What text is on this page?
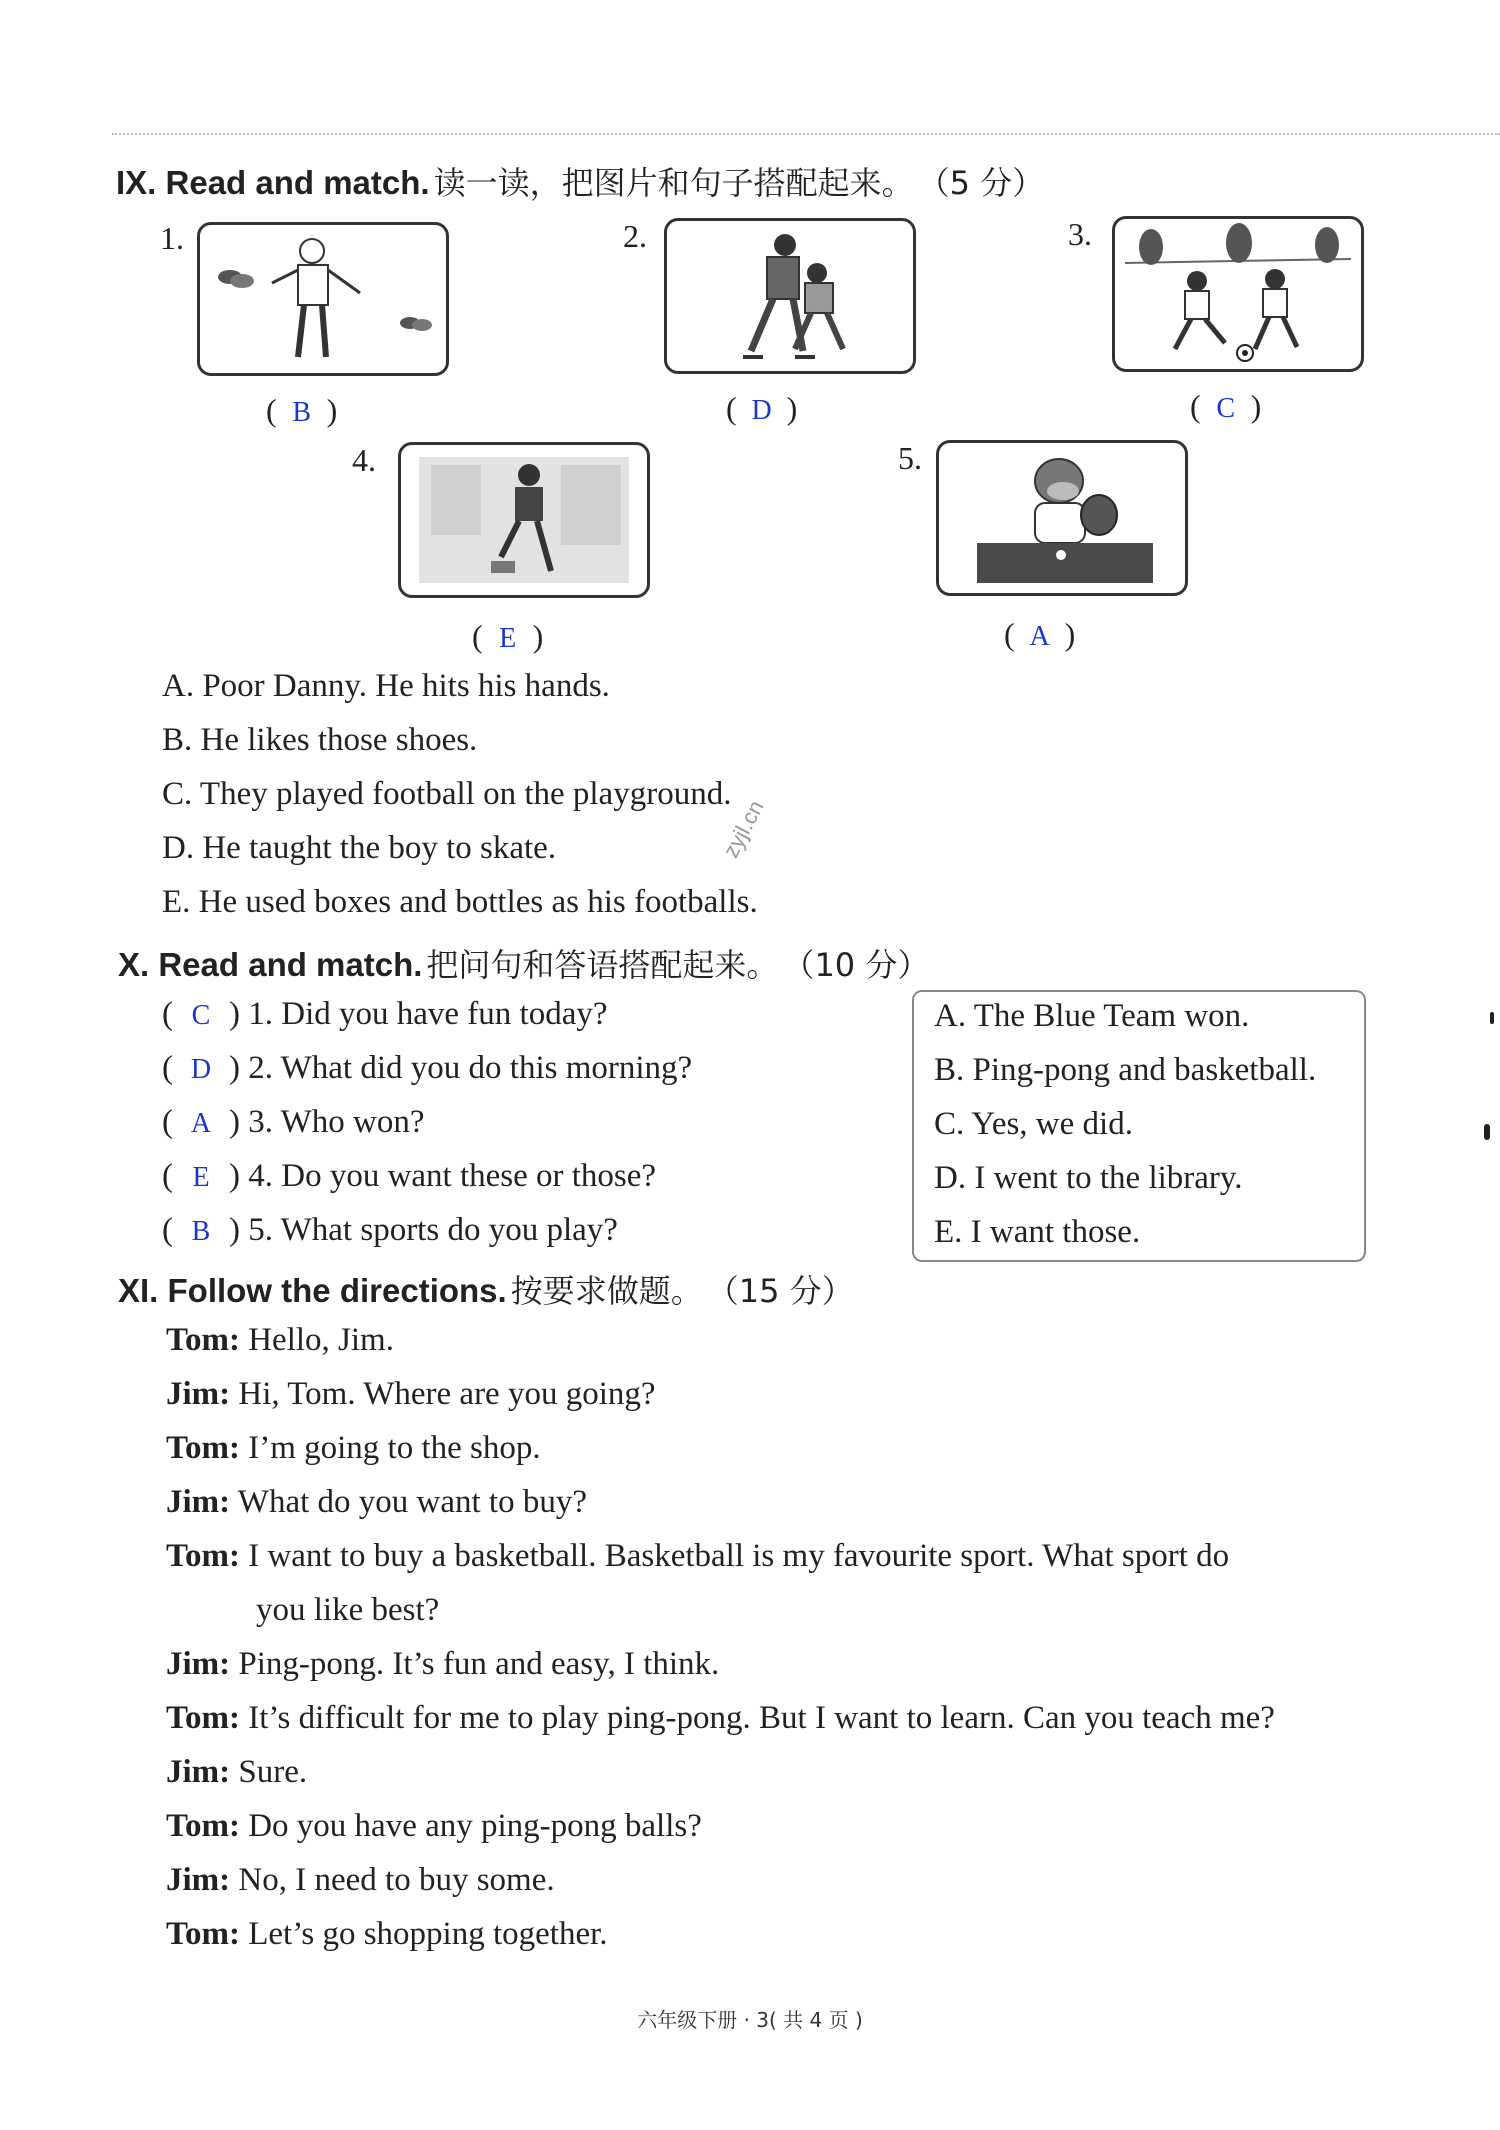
IX. Read and match. 读一读，把图片和句子搭配起来。 （5 分）
1.
( B )
2.
( D )
3.
( C )
4.
( E )
5.
( A )
A. Poor Danny. He hits his hands.
B. He likes those shoes.
C. They played football on the playground.
D. He taught the boy to skate.
E. He used boxes and bottles as his footballs.
zyjl.cn
X. Read and match. 把问句和答语搭配起来。 （10 分）
( C ) 1. Did you have fun today?
( D ) 2. What did you do this morning?
( A ) 3. Who won?
( E ) 4. Do you want these or those?
( B ) 5. What sports do you play?
A. The Blue Team won.
B. Ping-pong and basketball.
C. Yes, we did.
D. I went to the library.
E. I want those.
XI. Follow the directions. 按要求做题。 （15 分）
Tom: Hello, Jim.
Jim: Hi, Tom. Where are you going?
Tom: I’m going to the shop.
Jim: What do you want to buy?
Tom: I want to buy a basketball. Basketball is my favourite sport. What sport do
you like best?
Jim: Ping-pong. It’s fun and easy, I think.
Tom: It’s difficult for me to play ping-pong. But I want to learn. Can you teach me?
Jim: Sure.
Tom: Do you have any ping-pong balls?
Jim: No, I need to buy some.
Tom: Let’s go shopping together.
六年级下册 · 3( 共 4 页 )
